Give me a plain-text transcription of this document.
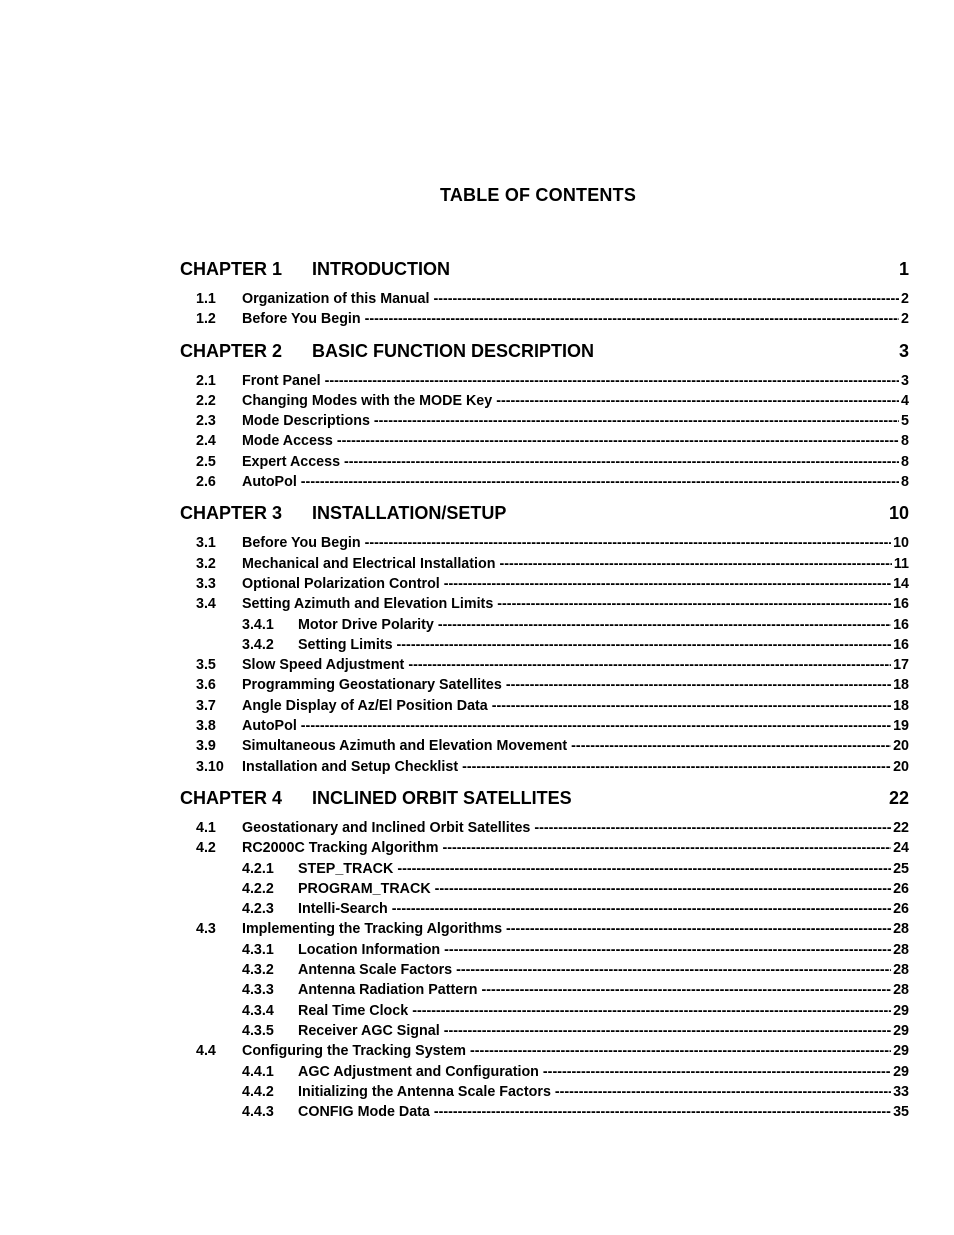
TABLE OF CONTENTS
CHAPTER 1	INTRODUCTION	1
1.1	Organization of this Manual -----	2
1.2	Before You Begin -----	2
CHAPTER 2	BASIC FUNCTION DESCRIPTION	3
2.1	Front Panel -----	3
2.2	Changing Modes with the MODE Key -----	4
2.3	Mode Descriptions -----	5
2.4	Mode Access -----	8
2.5	Expert Access -----	8
2.6	AutoPol -----	8
CHAPTER 3	INSTALLATION/SETUP	10
3.1	Before You Begin -----	10
3.2	Mechanical and Electrical Installation -----	11
3.3	Optional Polarization Control -----	14
3.4	Setting Azimuth and Elevation Limits -----	16
3.4.1	Motor Drive Polarity -----	16
3.4.2	Setting Limits -----	16
3.5	Slow Speed Adjustment -----	17
3.6	Programming Geostationary Satellites -----	18
3.7	Angle Display of Az/El Position Data -----	18
3.8	AutoPol -----	19
3.9	Simultaneous Azimuth and Elevation Movement -----	20
3.10	Installation and Setup Checklist -----	20
CHAPTER 4	INCLINED ORBIT SATELLITES	22
4.1	Geostationary and Inclined Orbit Satellites -----	22
4.2	RC2000C Tracking Algorithm -----	24
4.2.1	STEP_TRACK -----	25
4.2.2	PROGRAM_TRACK -----	26
4.2.3	Intelli-Search -----	26
4.3	Implementing the Tracking Algorithms -----	28
4.3.1	Location Information -----	28
4.3.2	Antenna Scale Factors -----	28
4.3.3	Antenna Radiation Pattern -----	28
4.3.4	Real Time Clock -----	29
4.3.5	Receiver AGC Signal -----	29
4.4	Configuring the Tracking System -----	29
4.4.1	AGC Adjustment and Configuration -----	29
4.4.2	Initializing the Antenna Scale Factors -----	33
4.4.3	CONFIG Mode Data -----	35
